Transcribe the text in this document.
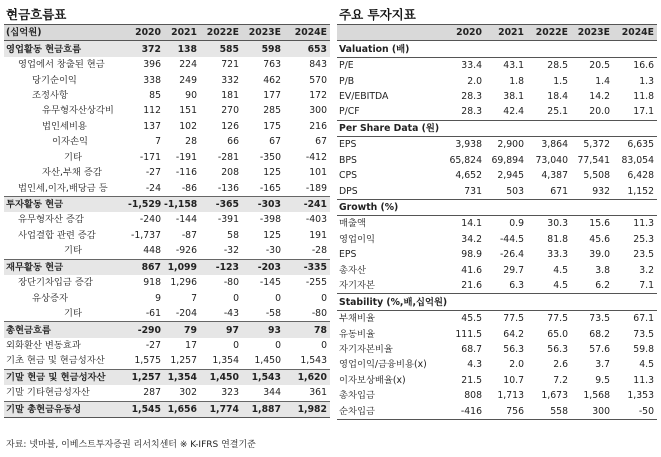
현금흐름표
(십억원)	2020	2021	2022E	2023E	2024E
영업활동 현금흐름	372	138	585	598	653
영업에서 창출된 현금	396	224	721	763	843
당기순이익	338	249	332	462	570
조정사항	85	90	181	177	172
유무형자산상각비	112	151	270	285	300
법인세비용	137	102	126	175	216
이자손익	7	28	66	67	67
기타	-171	-191	-281	-350	-412
자산,부채 증감	-27	-116	208	125	101
법인세,이자,배당금 등	-24	-86	-136	-165	-189
투자활동 현금	-1,529	-1,158	-365	-303	-241
유무형자산 증감	-240	-144	-391	-398	-403
사업결합 관련 증감	-1,737	-87	58	125	191
기타	448	-926	-32	-30	-28
재무활동 현금	867	1,099	-123	-203	-335
장단기차입금 증감	918	1,296	-80	-145	-255
유상증자	9	7	0	0	0
기타	-61	-204	-43	-58	-80
총현금흐름	-290	79	97	93	78
외화환산 변동효과	-27	17	0	0	0
기초 현금 및 현금성자산	1,575	1,257	1,354	1,450	1,543
기말 현금 및 현금성자산	1,257	1,354	1,450	1,543	1,620
기말 기타현금성자산	287	302	323	344	361
기말 총현금유동성	1,545	1,656	1,774	1,887	1,982
주요 투자지표
	2020	2021	2022E	2023E	2024E
Valuation (배)					
P/E	33.4	43.1	28.5	20.5	16.6
P/B	2.0	1.8	1.5	1.4	1.3
EV/EBITDA	28.3	38.1	18.4	14.2	11.8
P/CF	28.3	42.4	25.1	20.0	17.1
Per Share Data (원)					
EPS	3,938	2,900	3,864	5,372	6,635
BPS	65,824	69,894	73,040	77,541	83,054
CPS	4,652	2,945	4,387	5,508	6,428
DPS	731	503	671	932	1,152
Growth (%)					
매출액	14.1	0.9	30.3	15.6	11.3
영업이익	34.2	-44.5	81.8	45.6	25.3
EPS	98.9	-26.4	33.3	39.0	23.5
총자산	41.6	29.7	4.5	3.8	3.2
자기자본	21.6	6.3	4.5	6.2	7.1
Stability (%,배,십억원)					
부채비율	45.5	77.5	77.5	73.5	67.1
유동비율	111.5	64.2	65.0	68.2	73.5
자기자본비율	68.7	56.3	56.3	57.6	59.8
영업이익/금융비용(x)	4.3	2.0	2.6	3.7	4.5
이자보상배율(x)	21.5	10.7	7.2	9.5	11.3
총차입금	808	1,713	1,673	1,568	1,353
순차입금	-416	756	558	300	-50
자료: 넷마블, 이베스트투자증권 리서치센터 ※ K-IFRS 연결기준
